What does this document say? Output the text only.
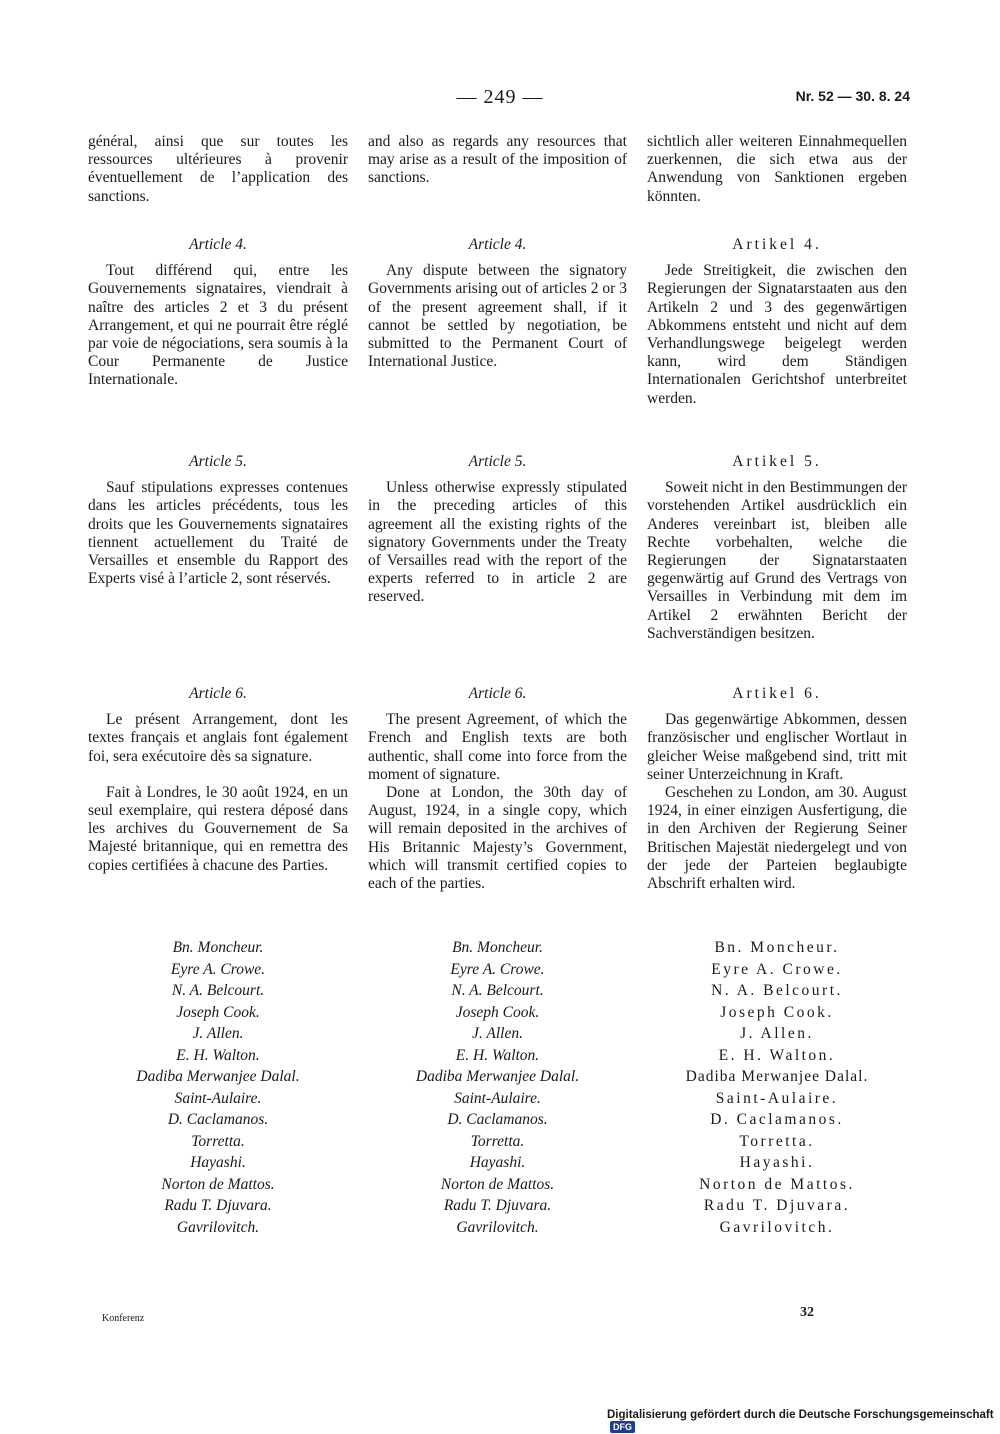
— 249 —	Nr. 52 — 30. 8. 24

général, ainsi que sur toutes les ressources ultérieures à provenir éventuellement de l’application des sanctions.

Article 4.

Tout différend qui, entre les Gouvernements signataires, viendrait à naître des articles 2 et 3 du présent Arrangement, et qui ne pourrait être réglé par voie de négociations, sera soumis à la Cour Permanente de Justice Internationale.

Article 5.

Sauf stipulations expresses contenues dans les articles précédents, tous les droits que les Gouvernements signataires tiennent actuellement du Traité de Versailles et ensemble du Rapport des Experts visé à l’article 2, sont réservés.

Article 6.

Le présent Arrangement, dont les textes français et anglais font également foi, sera exécutoire dès sa signature.

Fait à Londres, le 30 août 1924, en un seul exemplaire, qui restera déposé dans les archives du Gouvernement de Sa Majesté britannique, qui en remettra des copies certifiées à chacune des Parties.

Bn. Moncheur.
Eyre A. Crowe.
N. A. Belcourt.
Joseph Cook.
J. Allen.
E. H. Walton.
Dadiba Merwanjee Dalal.
Saint-Aulaire.
D. Caclamanos.
Torretta.
Hayashi.
Norton de Mattos.
Radu T. Djuvara.
Gavrilovitch.

and also as regards any resources that may arise as a result of the imposition of sanctions.

Article 4.

Any dispute between the signatory Governments arising out of articles 2 or 3 of the present agreement shall, if it cannot be settled by negotiation, be submitted to the Permanent Court of International Justice.

Article 5.

Unless otherwise expressly stipulated in the preceding articles of this agreement all the existing rights of the signatory Governments under the Treaty of Versailles read with the report of the experts referred to in article 2 are reserved.

Article 6.

The present Agreement, of which the French and English texts are both authentic, shall come into force from the moment of signature.

Done at London, the 30th day of August, 1924, in a single copy, which will remain deposited in the archives of His Britannic Majesty’s Government, which will transmit certified copies to each of the parties.

Bn. Moncheur.
Eyre A. Crowe.
N. A. Belcourt.
Joseph Cook.
J. Allen.
E. H. Walton.
Dadiba Merwanjee Dalal.
Saint-Aulaire.
D. Caclamanos.
Torretta.
Hayashi.
Norton de Mattos.
Radu T. Djuvara.
Gavrilovitch.

sichtlich aller weiteren Einnahmequellen zuerkennen, die sich etwa aus der Anwendung von Sanktionen ergeben könnten.

Artikel 4.

Jede Streitigkeit, die zwischen den Regierungen der Signatarstaaten aus den Artikeln 2 und 3 des gegenwärtigen Abkommens entsteht und nicht auf dem Verhandlungswege beigelegt werden kann, wird dem Ständigen Internationalen Gerichtshof unterbreitet werden.

Artikel 5.

Soweit nicht in den Bestimmungen der vorstehenden Artikel ausdrücklich ein Anderes vereinbart ist, bleiben alle Rechte vorbehalten, welche die Regierungen der Signatarstaaten gegenwärtig auf Grund des Vertrags von Versailles in Verbindung mit dem im Artikel 2 erwähnten Bericht der Sachverständigen besitzen.

Artikel 6.

Das gegenwärtige Abkommen, dessen französischer und englischer Wortlaut in gleicher Weise maßgebend sind, tritt mit seiner Unterzeichnung in Kraft.

Geschehen zu London, am 30. August 1924, in einer einzigen Ausfertigung, die in den Archiven der Regierung Seiner Britischen Majestät niedergelegt und von der jede der Parteien beglaubigte Abschrift erhalten wird.

Bn. Moncheur.
Eyre A. Crowe.
N. A. Belcourt.
Joseph Cook.
J. Allen.
E. H. Walton.
Dadiba Merwanjee Dalal.
Saint-Aulaire.
D. Caclamanos.
Torretta.
Hayashi.
Norton de Mattos.
Radu T. Djuvara.
Gavrilovitch.
Konferenz	32
Digitalisierung gefördert durch die Deutsche Forschungsgemeinschaft DFG
